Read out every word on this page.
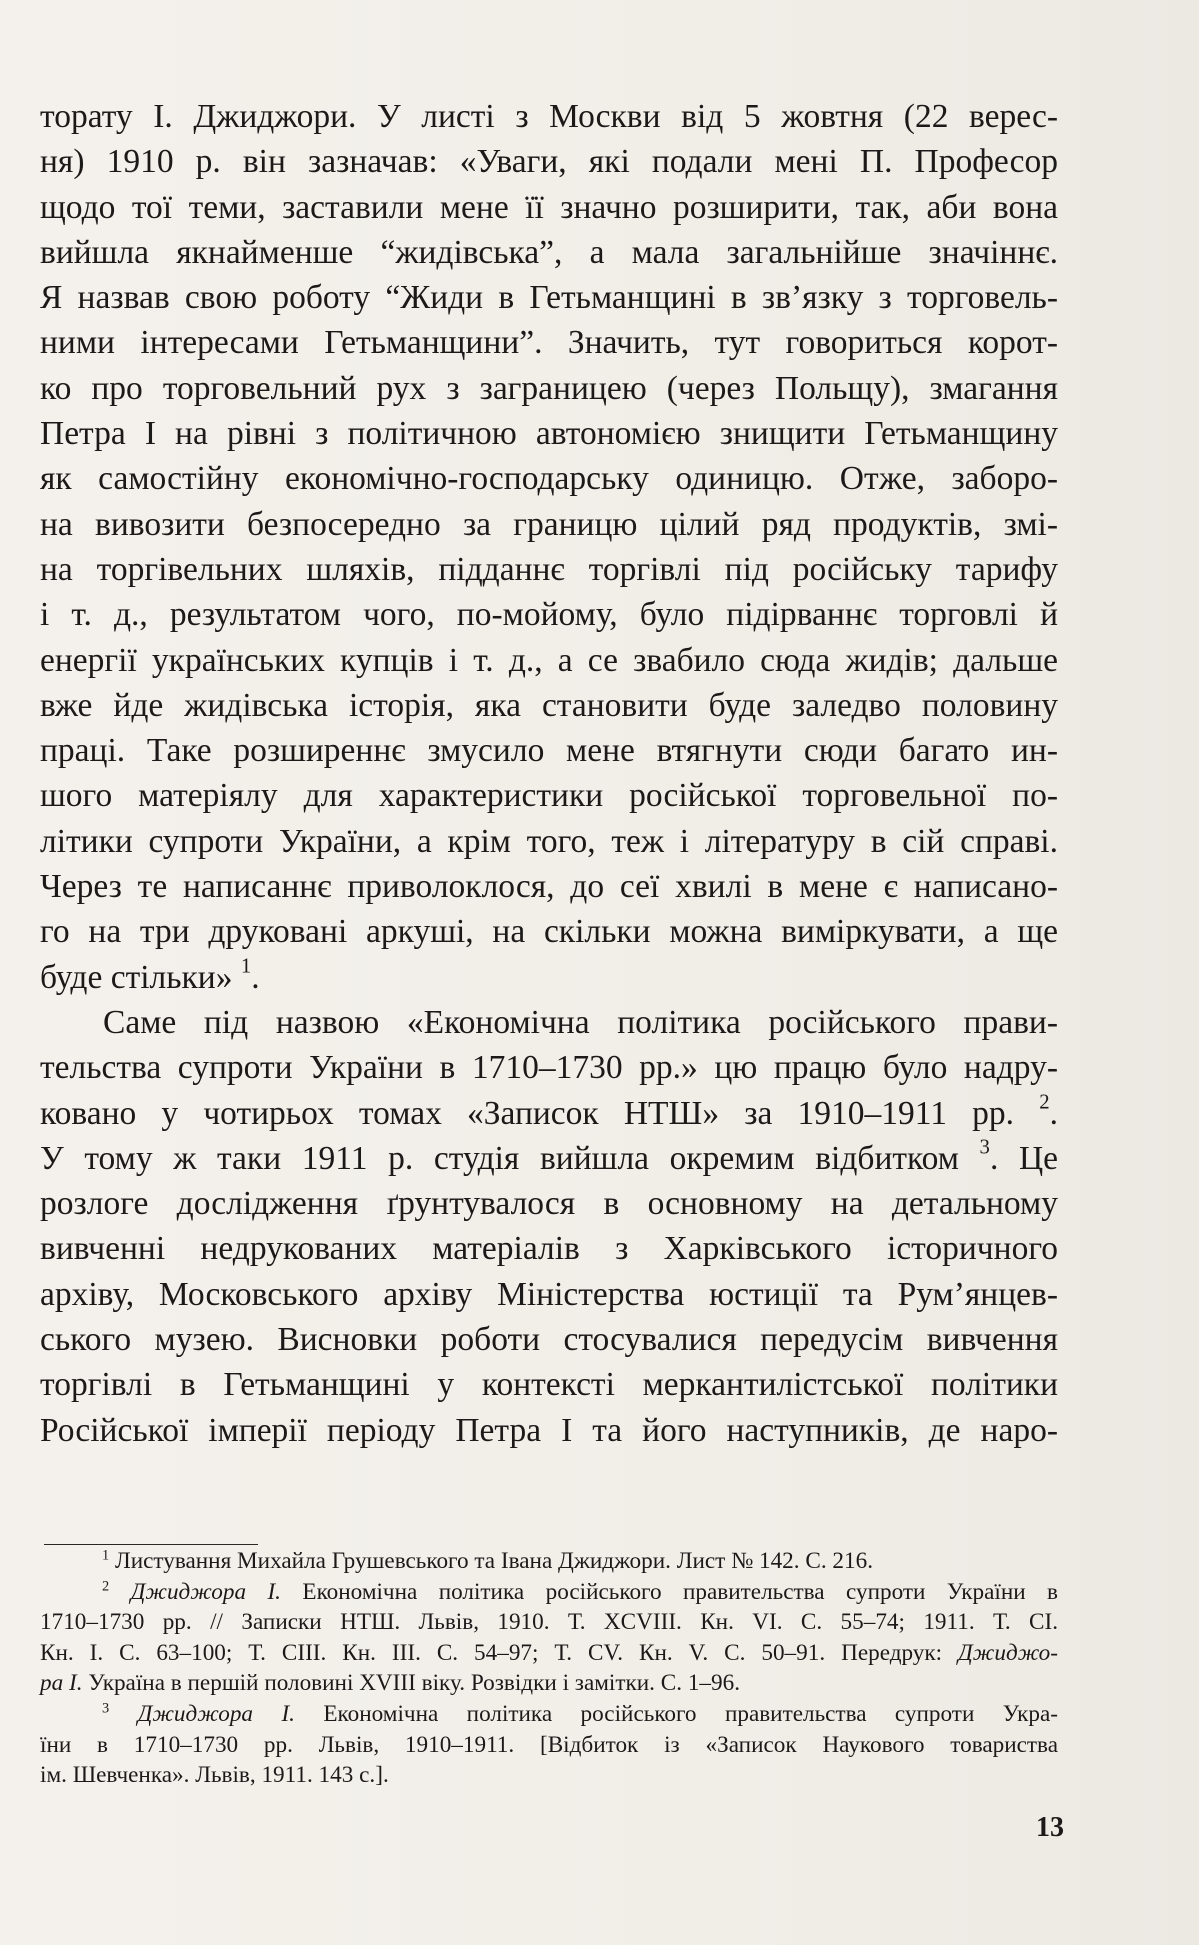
торату І. Джиджори. У листі з Москви від 5 жовтня (22 верес-
ня) 1910 р. він зазначав: «Уваги, які подали мені П. Професор
щодо тої теми, заставили мене її значно розширити, так, аби вона
вийшла якнайменше “жидівська”, а мала загальнійше значіннє.
Я назвав свою роботу “Жиди в Гетьманщині в зв’язку з торговель-
ними інтересами Гетьманщини”. Значить, тут говориться корот-
ко про торговельний рух з заграницею (через Польщу), змагання
Петра І на рівні з політичною автономією знищити Гетьманщину
як самостійну економічно-господарську одиницю. Отже, заборо-
на вивозити безпосередно за границю цілий ряд продуктів, змі-
на торгівельних шляхів, підданнє торгівлі під російську тарифу
і т. д., результатом чого, по-мойому, було підірваннє торговлі й
енергії українських купців і т. д., а се звабило сюда жидів; дальше
вже йде жидівська історія, яка становити буде заледво половину
праці. Таке розширеннє змусило мене втягнути сюди багато ин-
шого матеріялу для характеристики російської торговельної по-
літики супроти України, а крім того, теж і літературу в сій справі.
Через те написаннє приволоклося, до сеї хвилі в мене є написано-
го на три друковані аркуші, на скільки можна виміркувати, а ще
буде стільки» $^1$.
Саме під назвою «Економічна політика російського прави-
тельства супроти України в 1710–1730 рр.» цю працю було надру-
ковано у чотирьох томах «Записок НТШ» за 1910–1911 рр. $^2$.
У тому ж таки 1911 р. студія вийшла окремим відбитком $^3$. Це
розлоге дослідження ґрунтувалося в основному на детальному
вивченні недрукованих матеріалів з Харківського історичного
архіву, Московського архіву Міністерства юстиції та Рум’янцев-
ського музею. Висновки роботи стосувалися передусім вивчення
торгівлі в Гетьманщині у контексті меркантилістської політики
Російської імперії періоду Петра І та його наступників, де наро-
$^1$ Листування Михайла Грушевського та Івана Джиджори. Лист № 142. С. 216.
$^2$ Джиджора І. Економічна політика російського правительства супроти України в
1710–1730 рр. // Записки НТШ. Львів, 1910. Т. XCVIII. Кн. VI. С. 55–74; 1911. Т. CI.
Кн. I. С. 63–100; Т. CIII. Кн. III. С. 54–97; Т. CV. Кн. V. С. 50–91. Передрук: Джиджо-
ра І. Україна в першій половині XVIII віку. Розвідки і замітки. С. 1–96.
$^3$ Джиджора І. Економічна політика російського правительства супроти Укра-
їни в 1710–1730 рр. Львів, 1910–1911. [Відбиток із «Записок Наукового товариства
ім. Шевченка». Львів, 1911. 143 с.].
13
